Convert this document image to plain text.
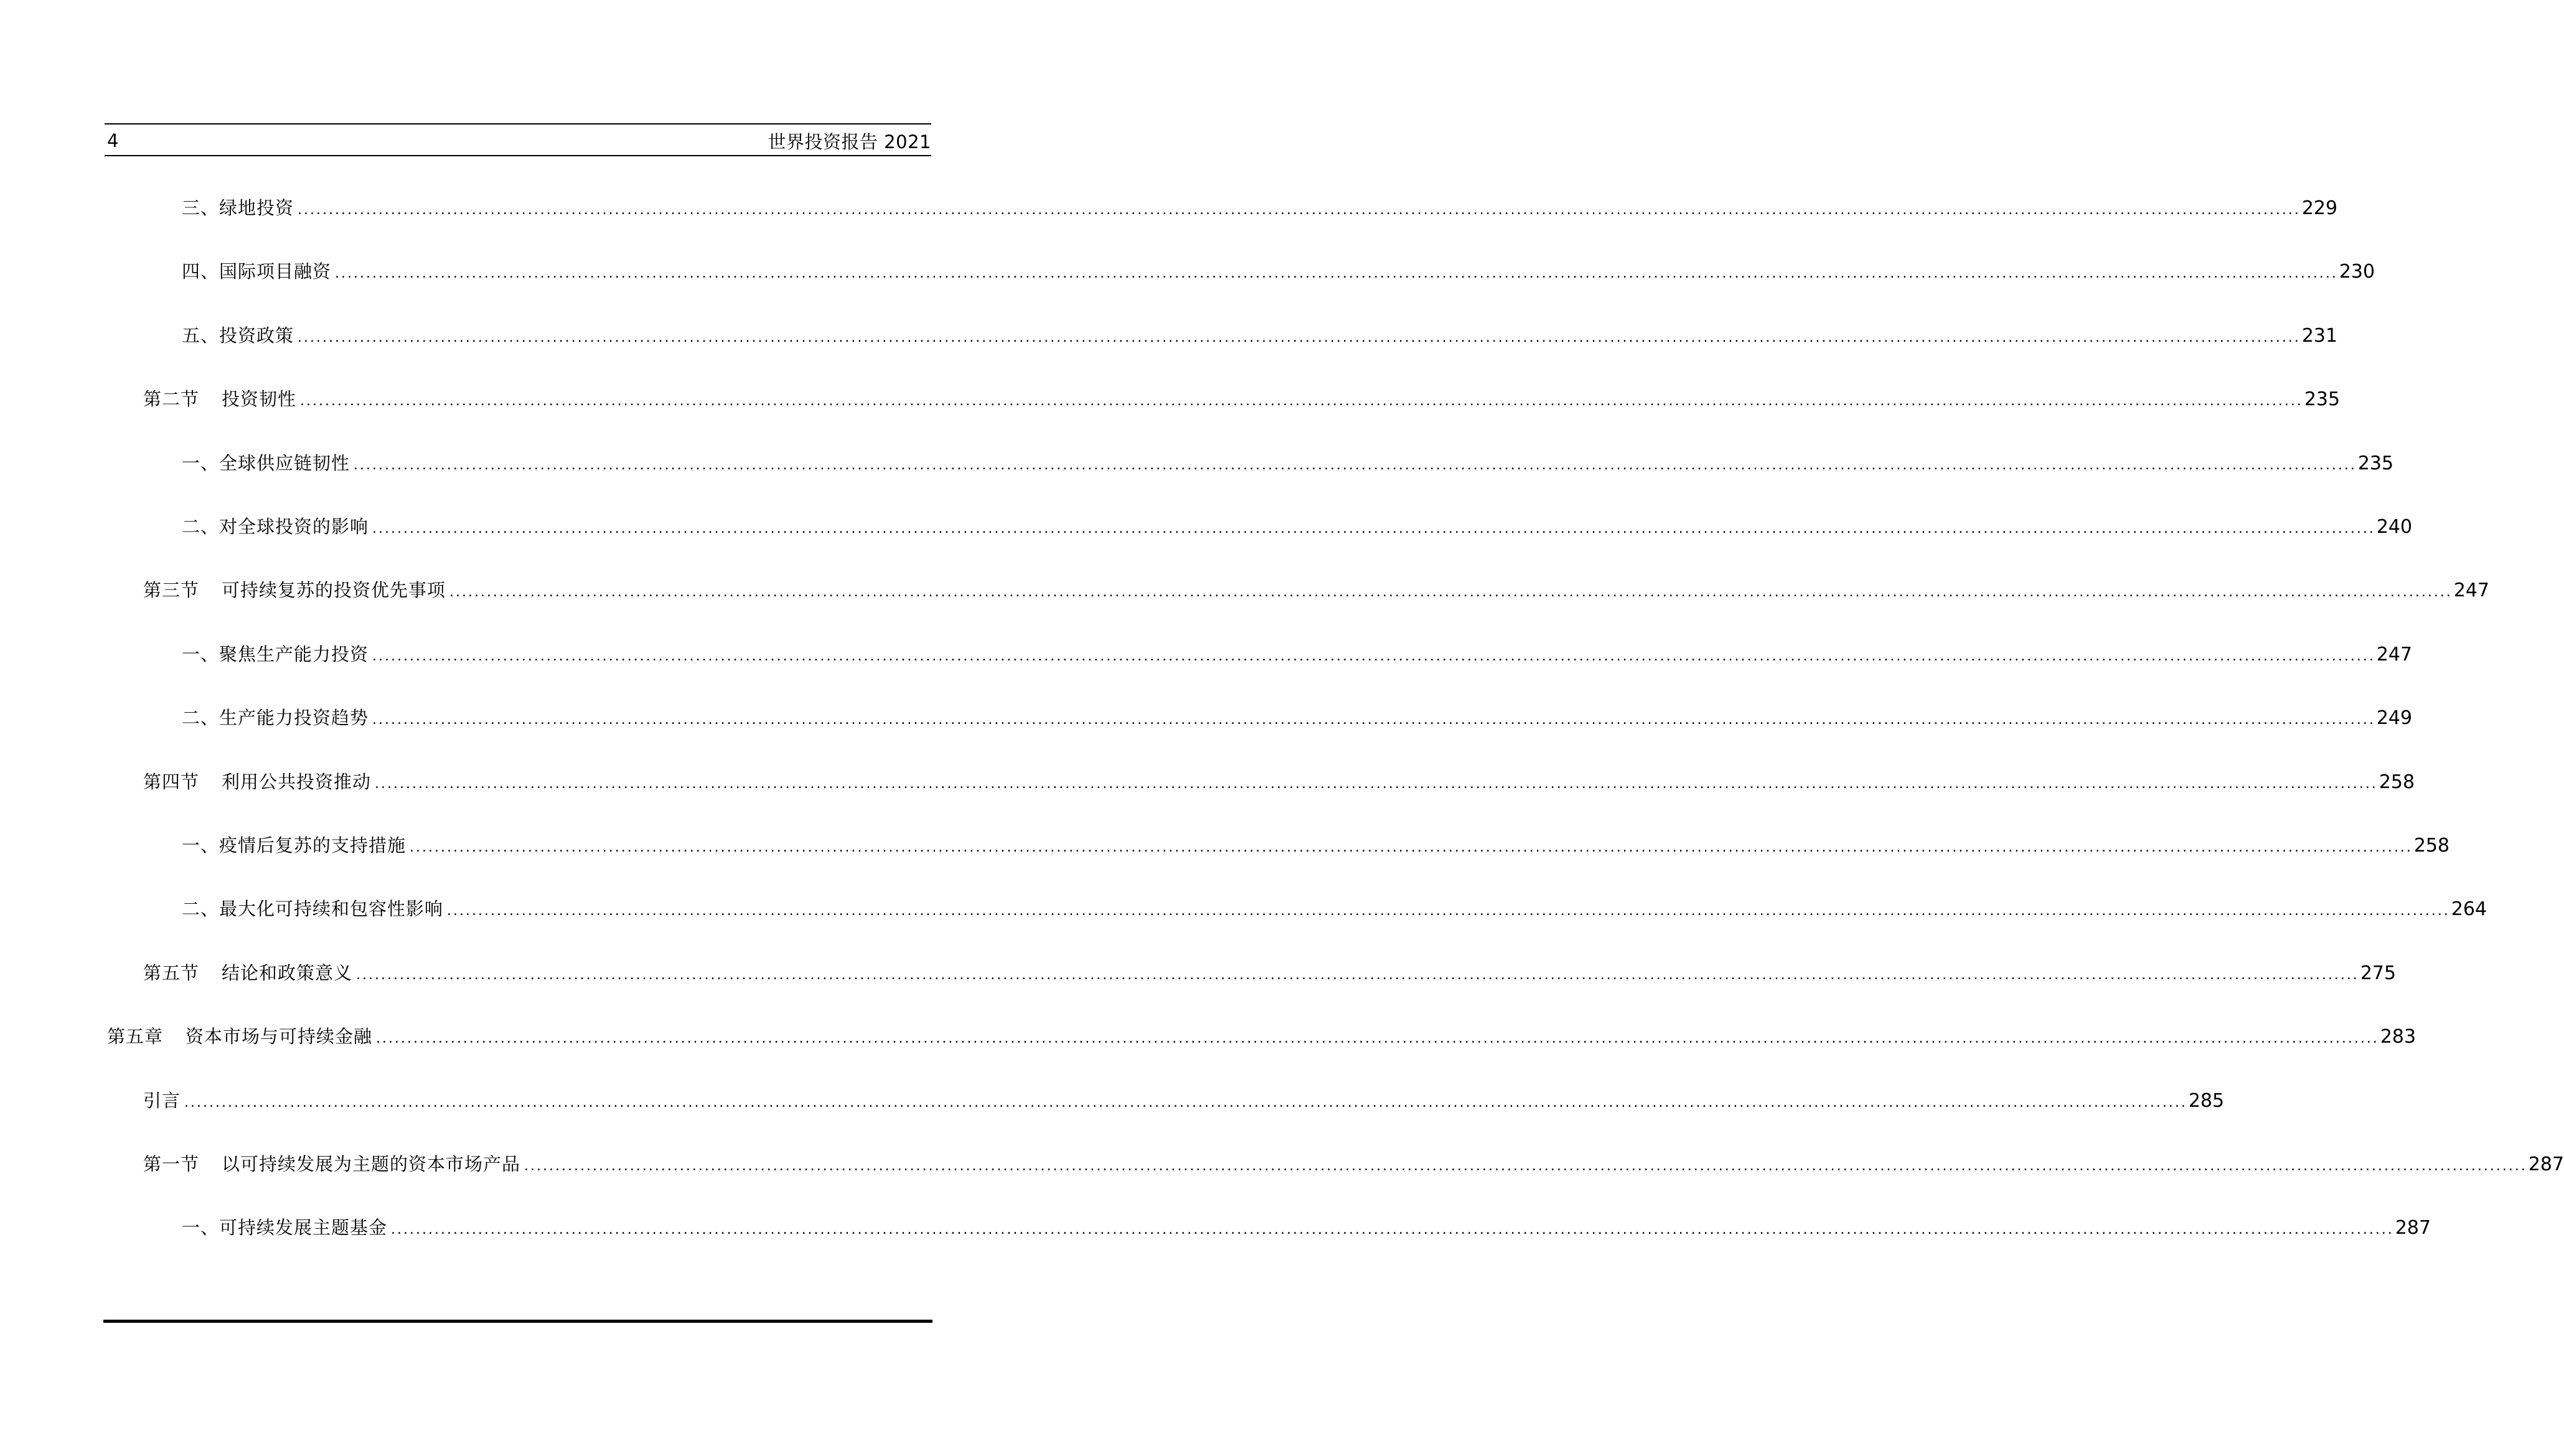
4	世界投资报告 2021
三、绿地投资 .................................................................................................................................................................................................................................................................................................................................. 229
四、国际项目融资 .................................................................................................................................................................................................................................................................................................................................. 230
五、投资政策 .................................................................................................................................................................................................................................................................................................................................. 231
第二节 投资韧性 .................................................................................................................................................................................................................................................................................................................................. 235
一、全球供应链韧性 .................................................................................................................................................................................................................................................................................................................................. 235
二、对全球投资的影响 .................................................................................................................................................................................................................................................................................................................................. 240
第三节 可持续复苏的投资优先事项 .................................................................................................................................................................................................................................................................................................................................. 247
一、聚焦生产能力投资 .................................................................................................................................................................................................................................................................................................................................. 247
二、生产能力投资趋势 .................................................................................................................................................................................................................................................................................................................................. 249
第四节 利用公共投资推动 .................................................................................................................................................................................................................................................................................................................................. 258
一、疫情后复苏的支持措施 .................................................................................................................................................................................................................................................................................................................................. 258
二、最大化可持续和包容性影响 .................................................................................................................................................................................................................................................................................................................................. 264
第五节 结论和政策意义 .................................................................................................................................................................................................................................................................................................................................. 275
第五章 资本市场与可持续金融 .................................................................................................................................................................................................................................................................................................................................. 283
引言 .................................................................................................................................................................................................................................................................................................................................. 285
第一节 以可持续发展为主题的资本市场产品 .................................................................................................................................................................................................................................................................................................................................. 287
一、可持续发展主题基金 .................................................................................................................................................................................................................................................................................................................................. 287
